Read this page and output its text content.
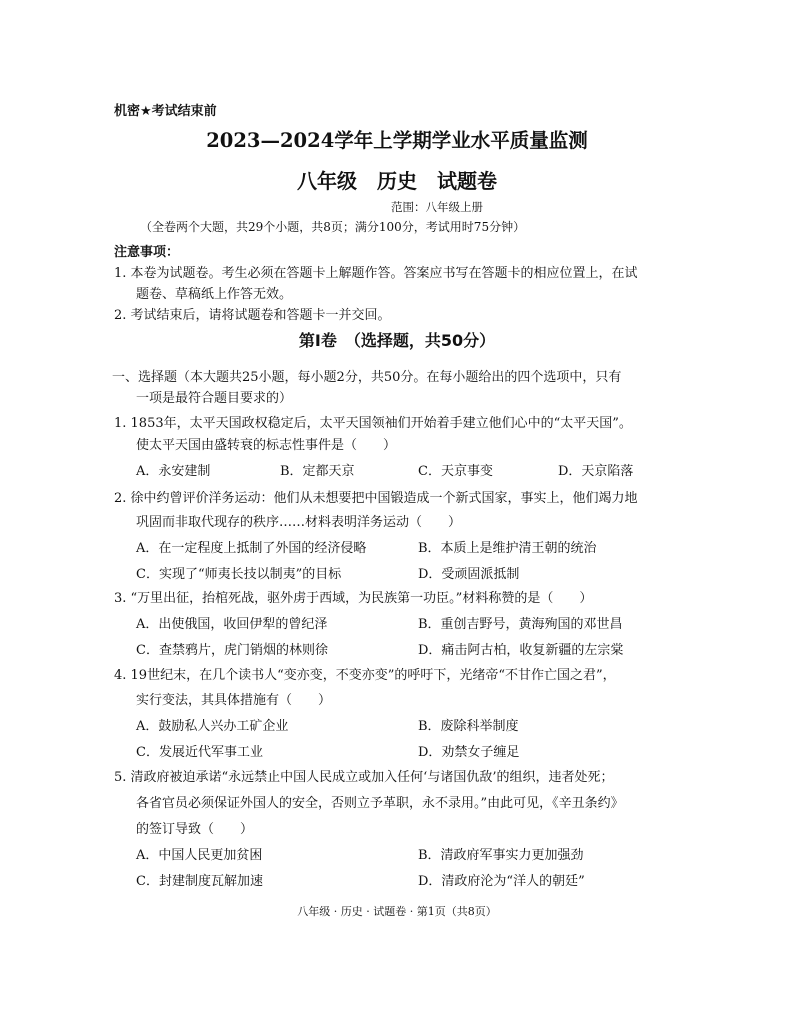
机密★考试结束前
2023—2024学年上学期学业水平质量监测
八年级　历史　试题卷
范围：八年级上册
（全卷两个大题，共29个小题，共8页；满分100分，考试用时75分钟）
注意事项：
1. 本卷为试题卷。考生必须在答题卡上解题作答。答案应书写在答题卡的相应位置上，在试
题卷、草稿纸上作答无效。
2. 考试结束后，请将试题卷和答题卡一并交回。
第Ⅰ卷　（选择题，共50分）
一、选择题（本大题共25小题，每小题2分，共50分。在每小题给出的四个选项中，只有
一项是最符合题目要求的）
1. 1853年，太平天国政权稳定后，太平天国领袖们开始着手建立他们心中的“太平天国”。
使太平天国由盛转衰的标志性事件是（　　）
A．永安建制	B．定都天京	C．天京事变	D．天京陷落
2. 徐中约曾评价洋务运动：他们从未想要把中国锻造成一个新式国家，事实上，他们竭力地
巩固而非取代现存的秩序……材料表明洋务运动（　　）
A．在一定程度上抵制了外国的经济侵略	B．本质上是维护清王朝的统治
C．实现了“师夷长技以制夷”的目标	D．受顽固派抵制
3. “万里出征，抬棺死战，驱外虏于西域，为民族第一功臣。”材料称赞的是（　　）
A．出使俄国，收回伊犁的曾纪泽	B．重创吉野号，黄海殉国的邓世昌
C．查禁鸦片，虎门销烟的林则徐	D．痛击阿古柏，收复新疆的左宗棠
4. 19世纪末，在几个读书人“变亦变，不变亦变”的呼吁下，光绪帝“不甘作亡国之君”，
实行变法，其具体措施有（　　）
A．鼓励私人兴办工矿企业	B．废除科举制度
C．发展近代军事工业	D．劝禁女子缠足
5. 清政府被迫承诺“永远禁止中国人民成立或加入任何‘与诸国仇敌’的组织，违者处死；
各省官员必须保证外国人的安全，否则立予革职，永不录用。”由此可见，《辛丑条约》
的签订导致（　　）
A．中国人民更加贫困	B．清政府军事实力更加强劲
C．封建制度瓦解加速	D．清政府沦为“洋人的朝廷”
八年级 · 历史 · 试题卷 · 第1页（共8页）
